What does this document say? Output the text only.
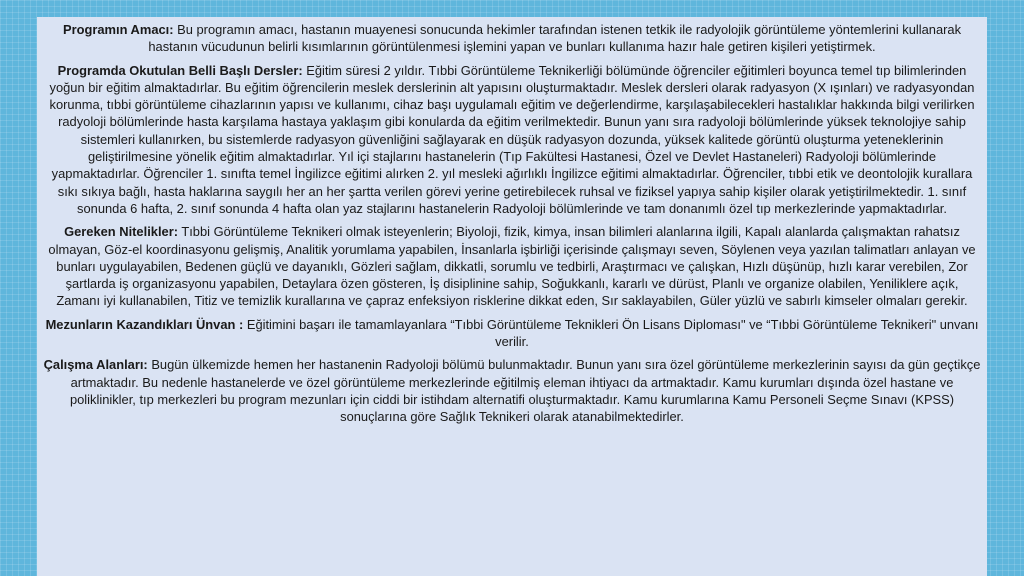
Programın Amacı: Bu programın amacı, hastanın muayenesi sonucunda hekimler tarafından istenen tetkik ile radyolojik görüntüleme yöntemlerini kullanarak hastanın vücudunun belirli kısımlarının görüntülenmesi işlemini yapan ve bunları kullanıma hazır hale getiren kişileri yetiştirmek.

Programda Okutulan Belli Başlı Dersler: Eğitim süresi 2 yıldır. Tıbbi Görüntüleme Teknikerliği bölümünde öğrenciler eğitimleri boyunca temel tıp bilimlerinden yoğun bir eğitim almaktadırlar. Bu eğitim öğrencilerin meslek derslerinin alt yapısını oluşturmaktadır. Meslek dersleri olarak radyasyon (X ışınları) ve radyasyondan korunma, tıbbi görüntüleme cihazlarının yapısı ve kullanımı, cihaz başı uygulamalı eğitim ve değerlendirme, karşılaşabilecekleri hastalıklar hakkında bilgi verilirken radyoloji bölümlerinde hasta karşılama hastaya yaklaşım gibi konularda da eğitim verilmektedir. Bunun yanı sıra radyoloji bölümlerinde yüksek teknolojiye sahip sistemleri kullanırken, bu sistemlerde radyasyon güvenliğini sağlayarak en düşük radyasyon dozunda, yüksek kalitede görüntü oluşturma yeteneklerinin geliştirilmesine yönelik eğitim almaktadırlar. Yıl içi stajlarını hastanelerin (Tıp Fakültesi Hastanesi, Özel ve Devlet Hastaneleri) Radyoloji bölümlerinde yapmaktadırlar. Öğrenciler 1. sınıfta temel İngilizce eğitimi alırken 2. yıl mesleki ağırlıklı İngilizce eğitimi almaktadırlar. Öğrenciler, tıbbi etik ve deontolojik kurallara sıkı sıkıya bağlı, hasta haklarına saygılı her an her şartta verilen görevi yerine getirebilecek ruhsal ve fiziksel yapıya sahip kişiler olarak yetiştirilmektedir. 1. sınıf sonunda 6 hafta, 2. sınıf sonunda 4 hafta olan yaz stajlarını hastanelerin Radyoloji bölümlerinde ve tam donanımlı özel tıp merkezlerinde yapmaktadırlar.

Gereken Nitelikler: Tıbbi Görüntüleme Teknikeri olmak isteyenlerin; Biyoloji, fizik, kimya, insan bilimleri alanlarına ilgili, Kapalı alanlarda çalışmaktan rahatsız olmayan, Göz-el koordinasyonu gelişmiş, Analitik yorumlama yapabilen, İnsanlarla işbirliği içerisinde çalışmayı seven, Söylenen veya yazılan talimatları anlayan ve bunları uygulayabilen, Bedenen güçlü ve dayanıklı, Gözleri sağlam, dikkatli, sorumlu ve tedbirli, Araştırmacı ve çalışkan, Hızlı düşünüp, hızlı karar verebilen, Zor şartlarda iş organizasyonu yapabilen, Detaylara özen gösteren, İş disiplinine sahip, Soğukkanlı, kararlı ve dürüst, Planlı ve organize olabilen, Yeniliklere açık, Zamanı iyi kullanabilen, Titiz ve temizlik kurallarına ve çapraz enfeksiyon risklerine dikkat eden, Sır saklayabilen, Güler yüzlü ve sabırlı kimseler olmaları gerekir.

Mezunların Kazandıkları Ünvan : Eğitimini başarı ile tamamlayanlara “Tıbbi Görüntüleme Teknikleri Ön Lisans Diploması" ve “Tıbbi Görüntüleme Teknikeri" unvanı verilir.

Çalışma Alanları: Bugün ülkemizde hemen her hastanenin Radyoloji bölümü bulunmaktadır. Bunun yanı sıra özel görüntüleme merkezlerinin sayısı da gün geçtikçe artmaktadır. Bu nedenle hastanelerde ve özel görüntüleme merkezlerinde eğitilmiş eleman ihtiyacı da artmaktadır. Kamu kurumları dışında özel hastane ve poliklinikler, tıp merkezleri bu program mezunları için ciddi bir istihdam alternatifi oluşturmaktadır. Kamu kurumlarına Kamu Personeli Seçme Sınavı (KPSS) sonuçlarına göre Sağlık Teknikeri olarak atanabilmektedirler.
